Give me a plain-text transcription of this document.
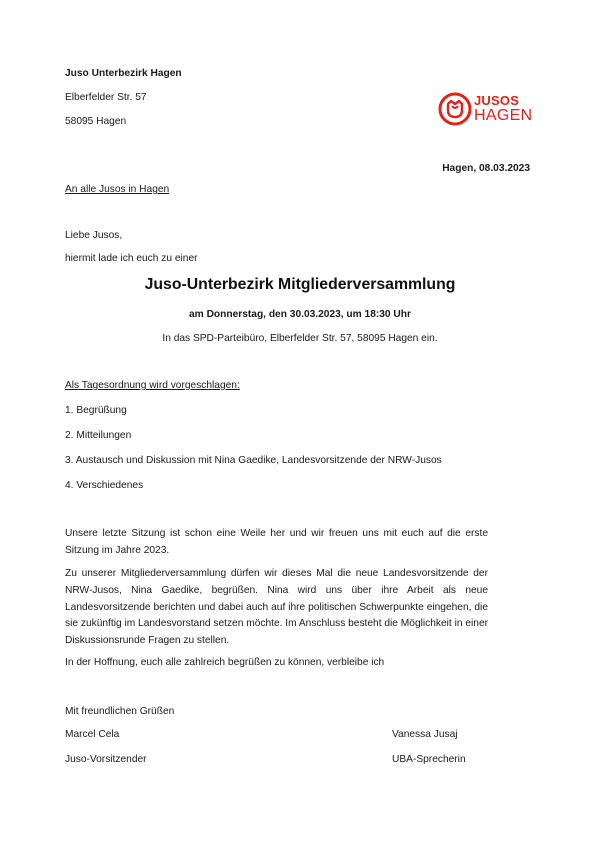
Juso Unterbezirk Hagen
Elberfelder Str. 57
58095 Hagen
JUSOS
HAGEN
Hagen, 08.03.2023
An alle Jusos in Hagen
Liebe Jusos,
hiermit lade ich euch zu einer
Juso-Unterbezirk Mitgliederversammlung
am Donnerstag, den 30.03.2023, um 18:30 Uhr
In das SPD-Parteibüro, Elberfelder Str. 57, 58095 Hagen ein.
Als Tagesordnung wird vorgeschlagen:
1. Begrüßung
2. Mitteilungen
3. Austausch und Diskussion mit Nina Gaedike, Landesvorsitzende der NRW-Jusos
4. Verschiedenes
Unsere letzte Sitzung ist schon eine Weile her und wir freuen uns mit euch auf die erste Sitzung im Jahre 2023.
Zu unserer Mitgliederversammlung dürfen wir dieses Mal die neue Landesvorsitzende der NRW-Jusos, Nina Gaedike, begrüßen. Nina wird uns über ihre Arbeit als neue Landesvorsitzende berichten und dabei auch auf ihre politischen Schwerpunkte eingehen, die sie zukünftig im Landesvorstand setzen möchte. Im Anschluss besteht die Möglichkeit in einer Diskussionsrunde Fragen zu stellen.
In der Hoffnung, euch alle zahlreich begrüßen zu können, verbleibe ich
Mit freundlichen Grüßen
Marcel Cela
Juso-Vorsitzender
Vanessa Jusaj
UBA-Sprecherin
